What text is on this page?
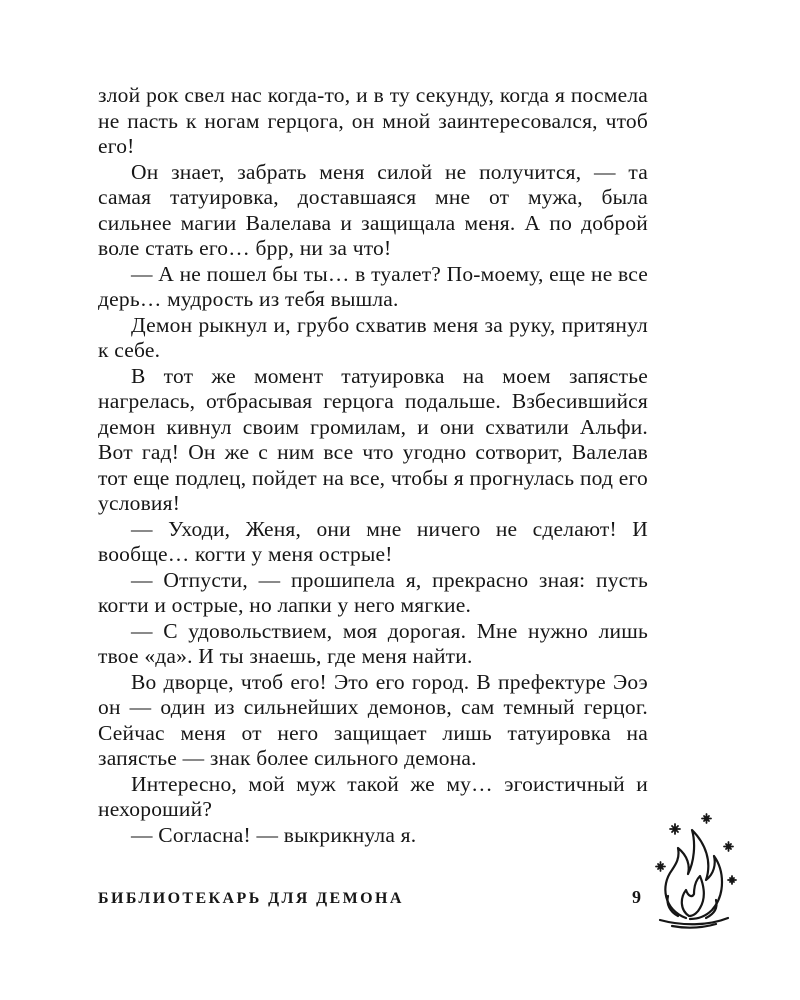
злой рок свел нас когда-то, и в ту секунду, когда я посмела не пасть к ногам герцога, он мной заинтересовался, чтоб его!

Он знает, забрать меня силой не получится, — та самая татуировка, доставшаяся мне от мужа, была сильнее магии Валелава и защищала меня. А по доброй воле стать его… брр, ни за что!

— А не пошел бы ты… в туалет? По-моему, еще не все дерь… мудрость из тебя вышла.

Демон рыкнул и, грубо схватив меня за руку, притянул к себе.

В тот же момент татуировка на моем запястье нагрелась, отбрасывая герцога подальше. Взбесившийся демон кивнул своим громилам, и они схватили Альфи. Вот гад! Он же с ним все что угодно сотворит, Валелав тот еще подлец, пойдет на все, чтобы я прогнулась под его условия!

— Уходи, Женя, они мне ничего не сделают! И вообще… когти у меня острые!

— Отпусти, — прошипела я, прекрасно зная: пусть когти и острые, но лапки у него мягкие.

— С удовольствием, моя дорогая. Мне нужно лишь твое «да». И ты знаешь, где меня найти.

Во дворце, чтоб его! Это его город. В префектуре Эоэ он — один из сильнейших демонов, сам темный герцог. Сейчас меня от него защищает лишь татуировка на запястье — знак более сильного демона.

Интересно, мой муж такой же му… эгоистичный и нехороший?

— Согласна! — выкрикнула я.

БИБЛИОТЕКАРЬ ДЛЯ ДЕМОНА	9
